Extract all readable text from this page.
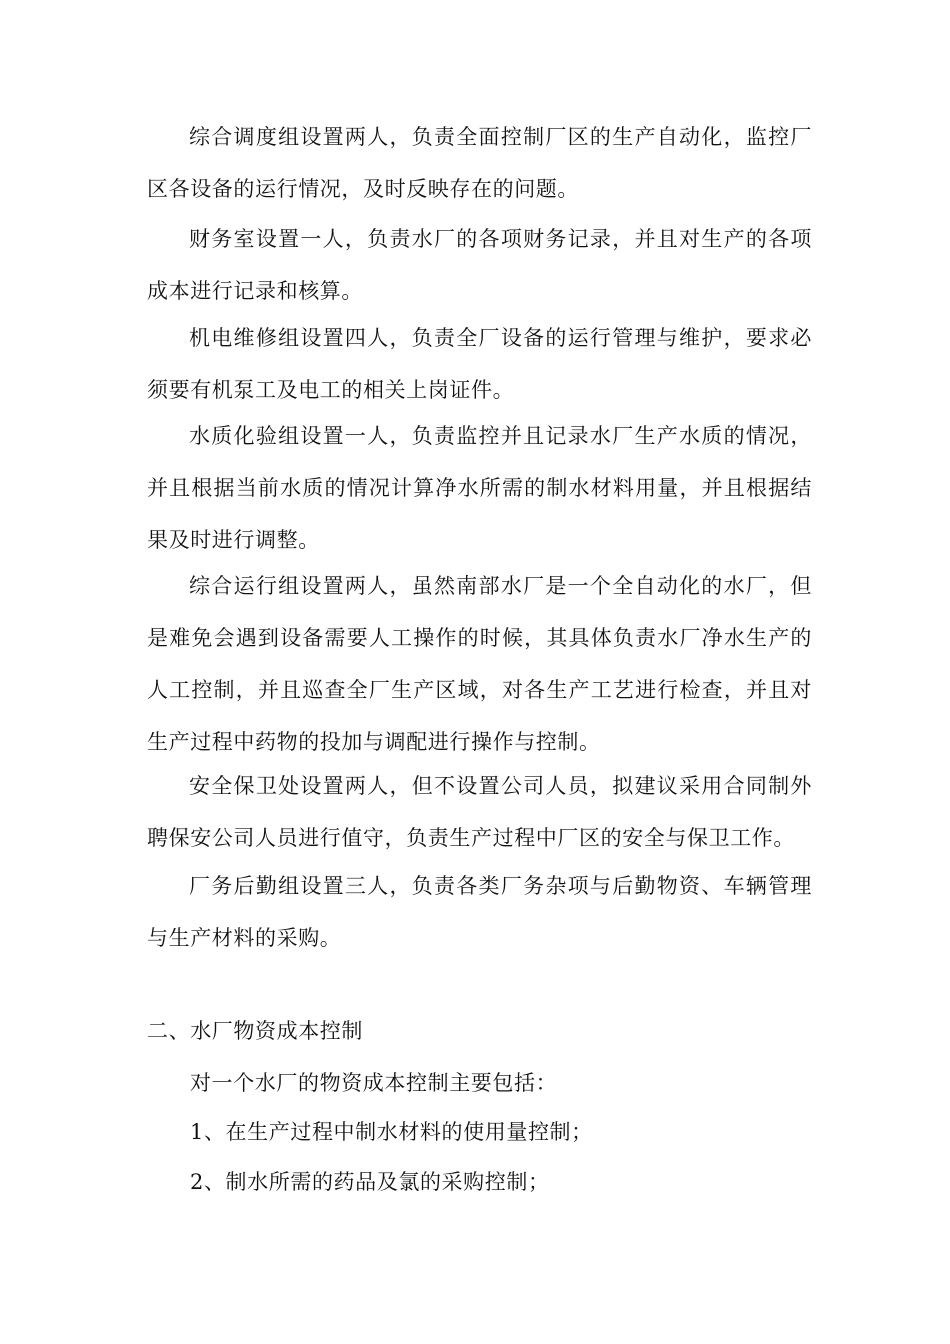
综合调度组设置两人，负责全面控制厂区的生产自动化，监控厂区各设备的运行情况，及时反映存在的问题。

财务室设置一人，负责水厂的各项财务记录，并且对生产的各项成本进行记录和核算。

机电维修组设置四人，负责全厂设备的运行管理与维护，要求必须要有机泵工及电工的相关上岗证件。

水质化验组设置一人，负责监控并且记录水厂生产水质的情况，并且根据当前水质的情况计算净水所需的制水材料用量，并且根据结果及时进行调整。

综合运行组设置两人，虽然南部水厂是一个全自动化的水厂，但是难免会遇到设备需要人工操作的时候，其具体负责水厂净水生产的人工控制，并且巡查全厂生产区域，对各生产工艺进行检查，并且对生产过程中药物的投加与调配进行操作与控制。

安全保卫处设置两人，但不设置公司人员，拟建议采用合同制外聘保安公司人员进行值守，负责生产过程中厂区的安全与保卫工作。

厂务后勤组设置三人，负责各类厂务杂项与后勤物资、车辆管理与生产材料的采购。

二、水厂物资成本控制

对一个水厂的物资成本控制主要包括：

1、在生产过程中制水材料的使用量控制；

2、制水所需的药品及氯的采购控制；
